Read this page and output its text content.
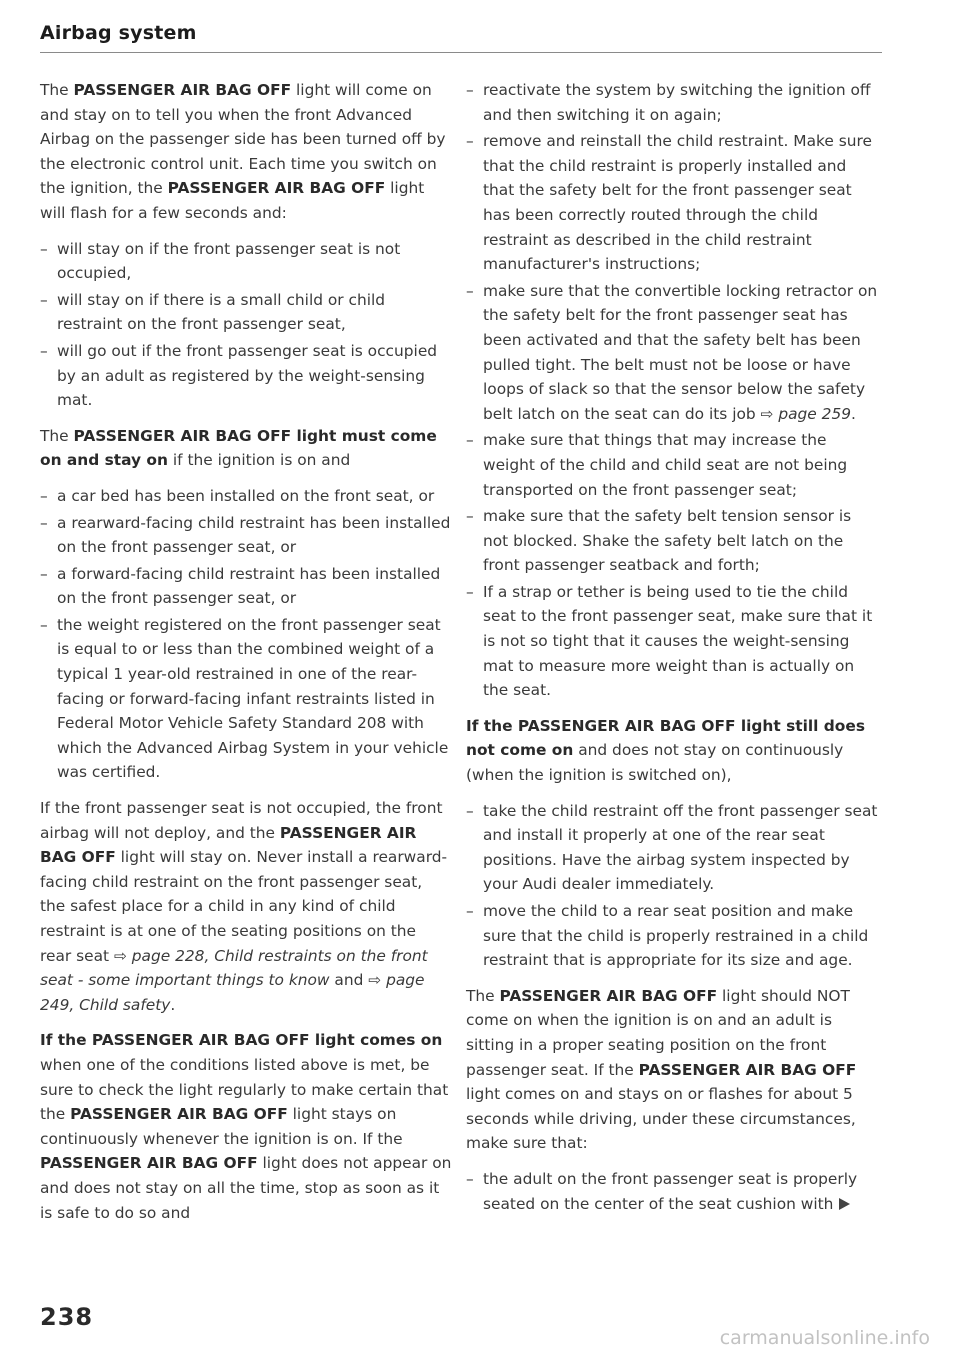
Airbag system

The PASSENGER AIR BAG OFF light will come on and stay on to tell you when the front Advanced Airbag on the passenger side has been turned off by the electronic control unit. Each time you switch on the ignition, the PASSENGER AIR BAG OFF light will flash for a few seconds and:

– will stay on if the front passenger seat is not occupied,
– will stay on if there is a small child or child restraint on the front passenger seat,
– will go out if the front passenger seat is occupied by an adult as registered by the weight-sensing mat.

The PASSENGER AIR BAG OFF light must come on and stay on if the ignition is on and

– a car bed has been installed on the front seat, or
– a rearward-facing child restraint has been installed on the front passenger seat, or
– a forward-facing child restraint has been installed on the front passenger seat, or
– the weight registered on the front passenger seat is equal to or less than the combined weight of a typical 1 year-old restrained in one of the rear-facing or forward-facing infant restraints listed in Federal Motor Vehicle Safety Standard 208 with which the Advanced Airbag System in your vehicle was certified.

If the front passenger seat is not occupied, the front airbag will not deploy, and the PASSENGER AIR BAG OFF light will stay on. Never install a rearward-facing child restraint on the front passenger seat, the safest place for a child in any kind of child restraint is at one of the seating positions on the rear seat ⇨ page 228, Child restraints on the front seat - some important things to know and ⇨ page 249, Child safety.

If the PASSENGER AIR BAG OFF light comes on when one of the conditions listed above is met, be sure to check the light regularly to make certain that the PASSENGER AIR BAG OFF light stays on continuously whenever the ignition is on. If the PASSENGER AIR BAG OFF light does not appear on and does not stay on all the time, stop as soon as it is safe to do so and

– reactivate the system by switching the ignition off and then switching it on again;
– remove and reinstall the child restraint. Make sure that the child restraint is properly installed and that the safety belt for the front passenger seat has been correctly routed through the child restraint as described in the child restraint manufacturer's instructions;
– make sure that the convertible locking retractor on the safety belt for the front passenger seat has been activated and that the safety belt has been pulled tight. The belt must not be loose or have loops of slack so that the sensor below the safety belt latch on the seat can do its job ⇨ page 259.
– make sure that things that may increase the weight of the child and child seat are not being transported on the front passenger seat;
– make sure that the safety belt tension sensor is not blocked. Shake the safety belt latch on the front passenger seatback and forth;
– If a strap or tether is being used to tie the child seat to the front passenger seat, make sure that it is not so tight that it causes the weight-sensing mat to measure more weight than is actually on the seat.

If the PASSENGER AIR BAG OFF light still does not come on and does not stay on continuously (when the ignition is switched on),

– take the child restraint off the front passenger seat and install it properly at one of the rear seat positions. Have the airbag system inspected by your Audi dealer immediately.
– move the child to a rear seat position and make sure that the child is properly restrained in a child restraint that is appropriate for its size and age.

The PASSENGER AIR BAG OFF light should NOT come on when the ignition is on and an adult is sitting in a proper seating position on the front passenger seat. If the PASSENGER AIR BAG OFF light comes on and stays on or flashes for about 5 seconds while driving, under these circumstances, make sure that:

– the adult on the front passenger seat is properly seated on the center of the seat cushion with
238
carmanualsonline.info
